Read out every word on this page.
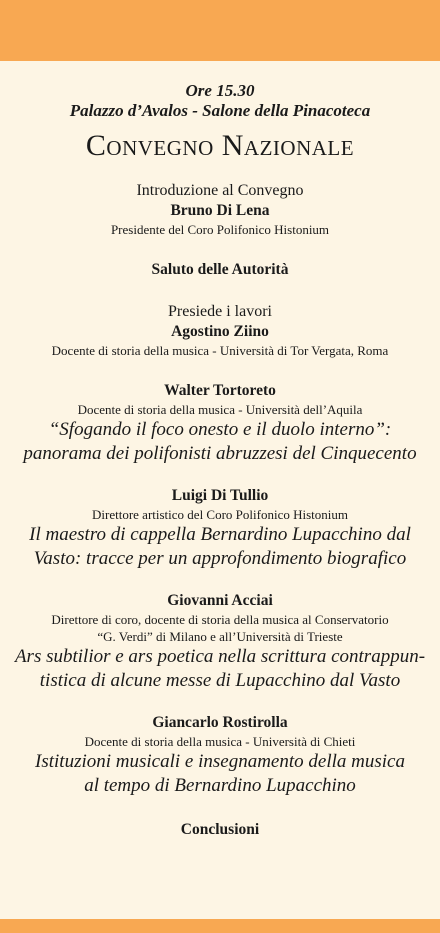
Ore 15.30
Palazzo d’Avalos - Salone della Pinacoteca
Convegno Nazionale
Introduzione al Convegno
Bruno Di Lena
Presidente del Coro Polifonico Histonium
Saluto delle Autorità
Presiede i lavori
Agostino Ziino
Docente di storia della musica - Università di Tor Vergata, Roma
Walter Tortoreto
Docente di storia della musica - Università dell’Aquila
“Sfogando il foco onesto e il duolo interno”:
panorama dei polifonisti abruzzesi del Cinquecento
Luigi Di Tullio
Direttore artistico del Coro Polifonico Histonium
Il maestro di cappella Bernardino Lupacchino dal
Vasto: tracce per un approfondimento biografico
Giovanni Acciai
Direttore di coro, docente di storia della musica al Conservatorio
“G. Verdi” di Milano e all’Università di Trieste
Ars subtilior e ars poetica nella scrittura contrappun-
tistica di alcune messe di Lupacchino dal Vasto
Giancarlo Rostirolla
Docente di storia della musica - Università di Chieti
Istituzioni musicali e insegnamento della musica
al tempo di Bernardino Lupacchino
Conclusioni
